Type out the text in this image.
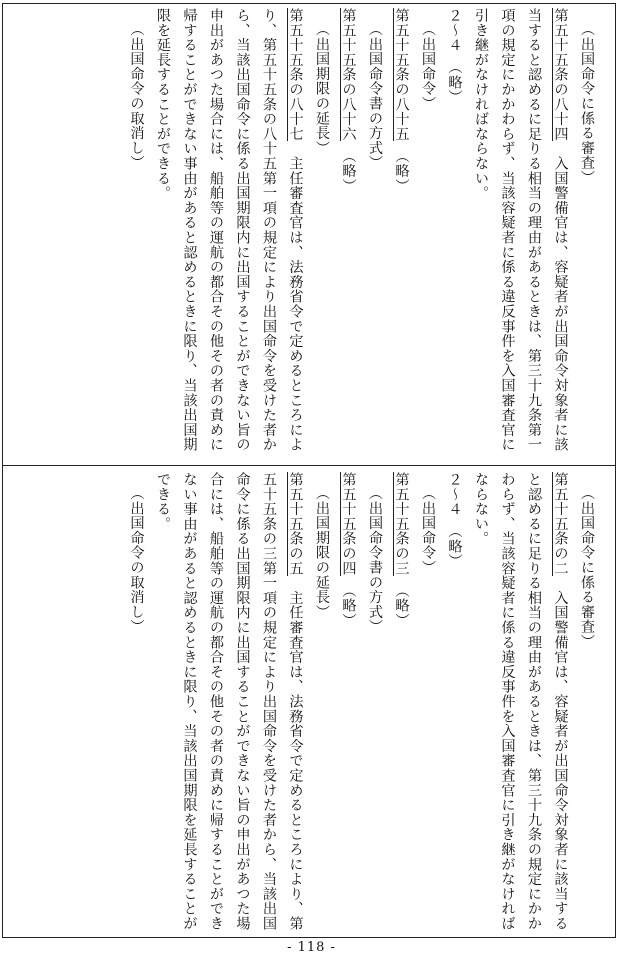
（出国命令に係る審査）

第五十五条の八十四　入国警備官は、容疑者が出国命令対象者に該当すると認めるに足りる相当の理由があるときは、第三十九条第一項の規定にかかわらず、当該容疑者に係る違反事件を入国審査官に引き継がなければならない。

２～４　（略）

（出国命令）

第五十五条の八十五　（略）

（出国命令書の方式）

第五十五条の八十六　（略）

（出国期限の延長）

第五十五条の八十七　主任審査官は、法務省令で定めるところにより、第五十五条の八十五第一項の規定により出国命令を受けた者から、当該出国命令に係る出国期限内に出国することができない旨の申出があつた場合には、船舶等の運航の都合その他その者の責めに帰することができない事由があると認めるときに限り、当該出国期限を延長することができる。

（出国命令の取消し）

（出国命令に係る審査）

第五十五条の二　入国警備官は、容疑者が出国命令対象者に該当すると認めるに足りる相当の理由があるときは、第三十九条の規定にかかわらず、当該容疑者に係る違反事件を入国審査官に引き継がなければならない。

２～４　（略）

（出国命令）

第五十五条の三　（略）

（出国命令書の方式）

第五十五条の四　（略）

（出国期限の延長）

第五十五条の五　主任審査官は、法務省令で定めるところにより、第五十五条の三第一項の規定により出国命令を受けた者から、当該出国命令に係る出国期限内に出国することができない旨の申出があつた場合には、船舶等の運航の都合その他その者の責めに帰することができない事由があると認めるときに限り、当該出国期限を延長することができる。

（出国命令の取消し）

- 118 -
